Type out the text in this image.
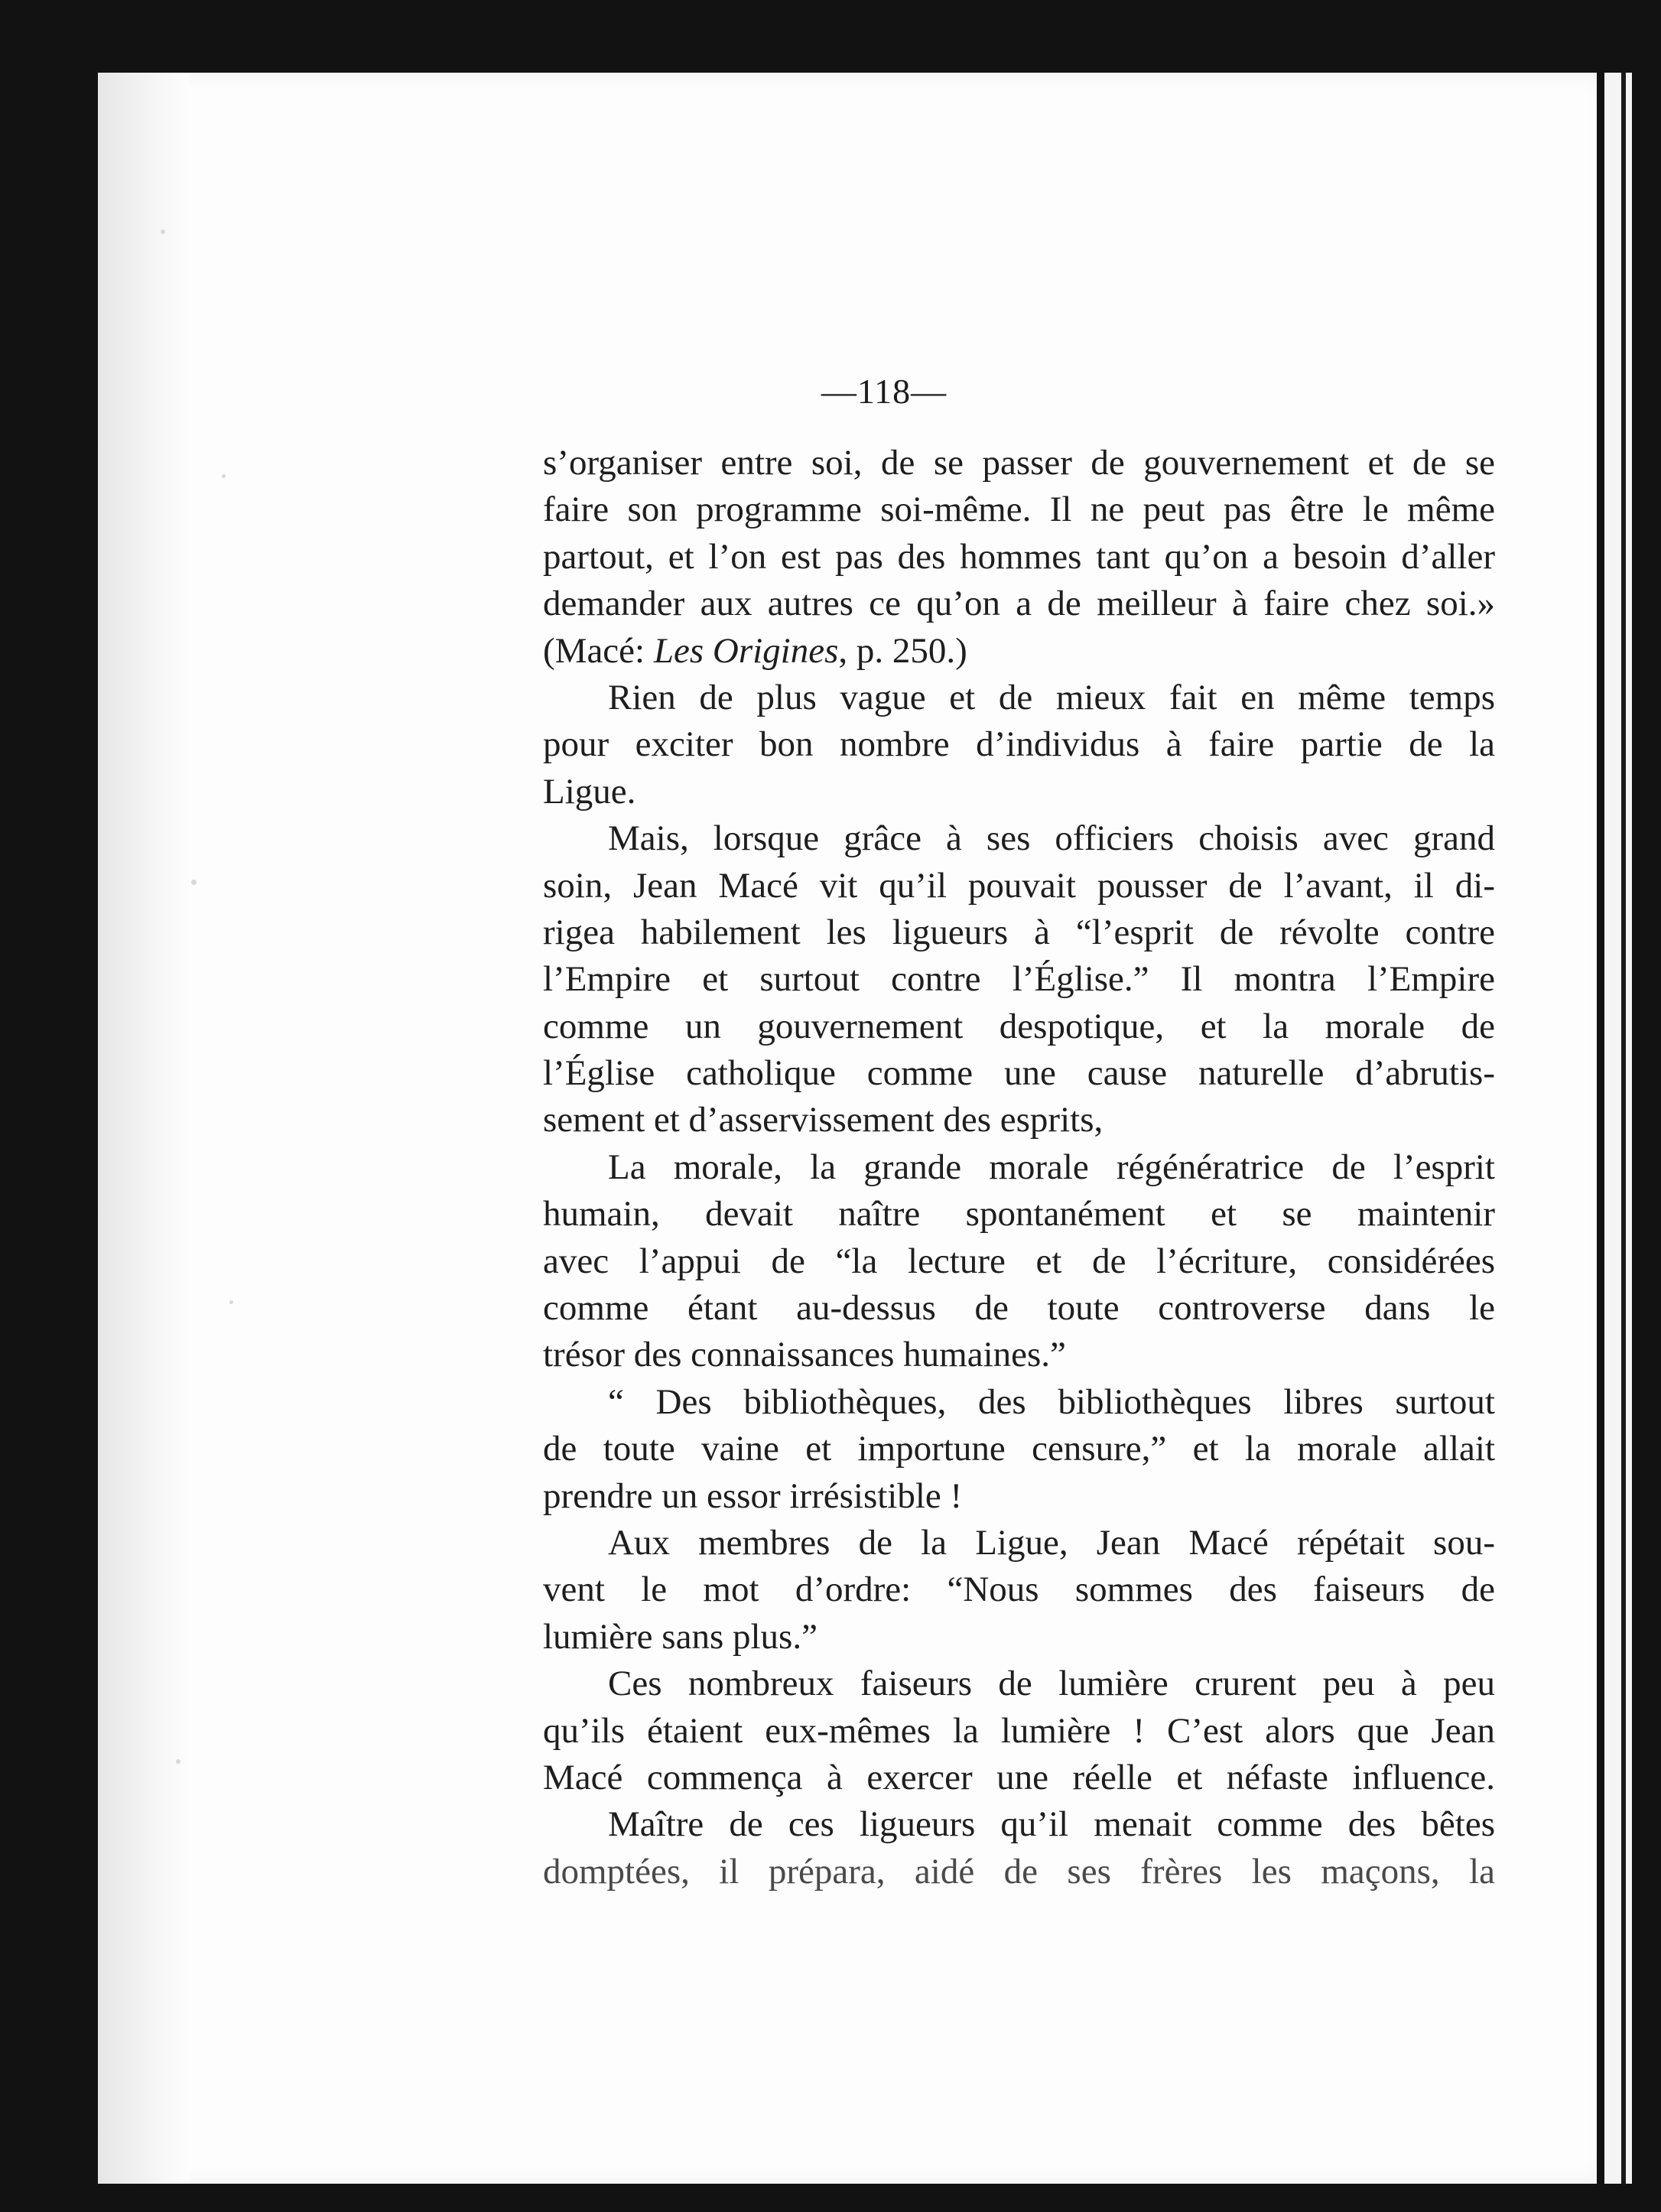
—118—

s’organiser entre soi, de se passer de gouvernement et de se
faire son programme soi-même. Il ne peut pas être le même
partout, et l’on est pas des hommes tant qu’on a besoin d’aller
demander aux autres ce qu’on a de meilleur à faire chez soi.»
(Macé: Les Origines, p. 250.)

Rien de plus vague et de mieux fait en même temps
pour exciter bon nombre d’individus à faire partie de la
Ligue.

Mais, lorsque grâce à ses officiers choisis avec grand
soin, Jean Macé vit qu’il pouvait pousser de l’avant, il di-
rigea habilement les ligueurs à “l’esprit de révolte contre
l’Empire et surtout contre l’Église.” Il montra l’Empire
comme un gouvernement despotique, et la morale de
l’Église catholique comme une cause naturelle d’abrutis-
sement et d’asservissement des esprits,

La morale, la grande morale régénératrice de l’esprit
humain, devait naître spontanément et se maintenir
avec l’appui de “la lecture et de l’écriture, considérées
comme étant au-dessus de toute controverse dans le
trésor des connaissances humaines.”

“ Des bibliothèques, des bibliothèques libres surtout
de toute vaine et importune censure,” et la morale allait
prendre un essor irrésistible !

Aux membres de la Ligue, Jean Macé répétait sou-
vent le mot d’ordre: “Nous sommes des faiseurs de
lumière sans plus.”

Ces nombreux faiseurs de lumière crurent peu à peu
qu’ils étaient eux-mêmes la lumière ! C’est alors que Jean
Macé commença à exercer une réelle et néfaste influence.

Maître de ces ligueurs qu’il menait comme des bêtes
domptées, il prépara, aidé de ses frères les maçons, la
